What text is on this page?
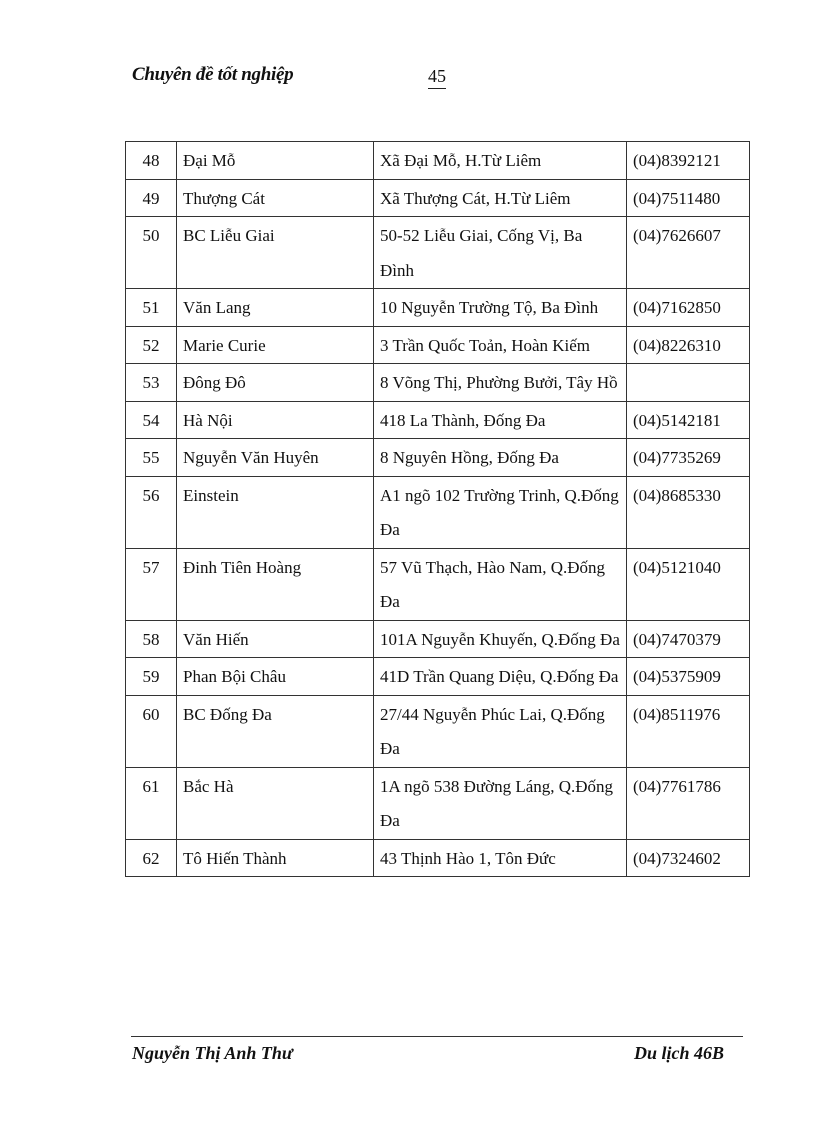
Chuyên đề tốt nghiệp	45
48	Đại Mỗ	Xã Đại Mỗ, H.Từ Liêm	(04)8392121
49	Thượng Cát	Xã Thượng Cát, H.Từ Liêm	(04)7511480
50	BC Liễu Giai	50-52 Liễu Giai, Cống Vị, Ba Đình	(04)7626607
51	Văn Lang	10 Nguyễn Trường Tộ, Ba Đình	(04)7162850
52	Marie Curie	3 Trần Quốc Toản, Hoàn Kiếm	(04)8226310
53	Đông Đô	8 Võng Thị, Phường Bưởi, Tây Hồ	
54	Hà Nội	418 La Thành, Đống Đa	(04)5142181
55	Nguyễn Văn Huyên	8 Nguyên Hồng, Đống Đa	(04)7735269
56	Einstein	A1 ngõ 102 Trường Trinh, Q.Đống Đa	(04)8685330
57	Đinh Tiên Hoàng	57 Vũ Thạch, Hào Nam, Q.Đống Đa	(04)5121040
58	Văn Hiến	101A Nguyễn Khuyến, Q.Đống Đa	(04)7470379
59	Phan Bội Châu	41D Trần Quang Diệu, Q.Đống Đa	(04)5375909
60	BC Đống Đa	27/44 Nguyễn Phúc Lai, Q.Đống Đa	(04)8511976
61	Bắc Hà	1A ngõ 538 Đường Láng, Q.Đống Đa	(04)7761786
62	Tô Hiến Thành	43 Thịnh Hào 1, Tôn Đức	(04)7324602
Nguyễn Thị Anh Thư	Du lịch 46B
